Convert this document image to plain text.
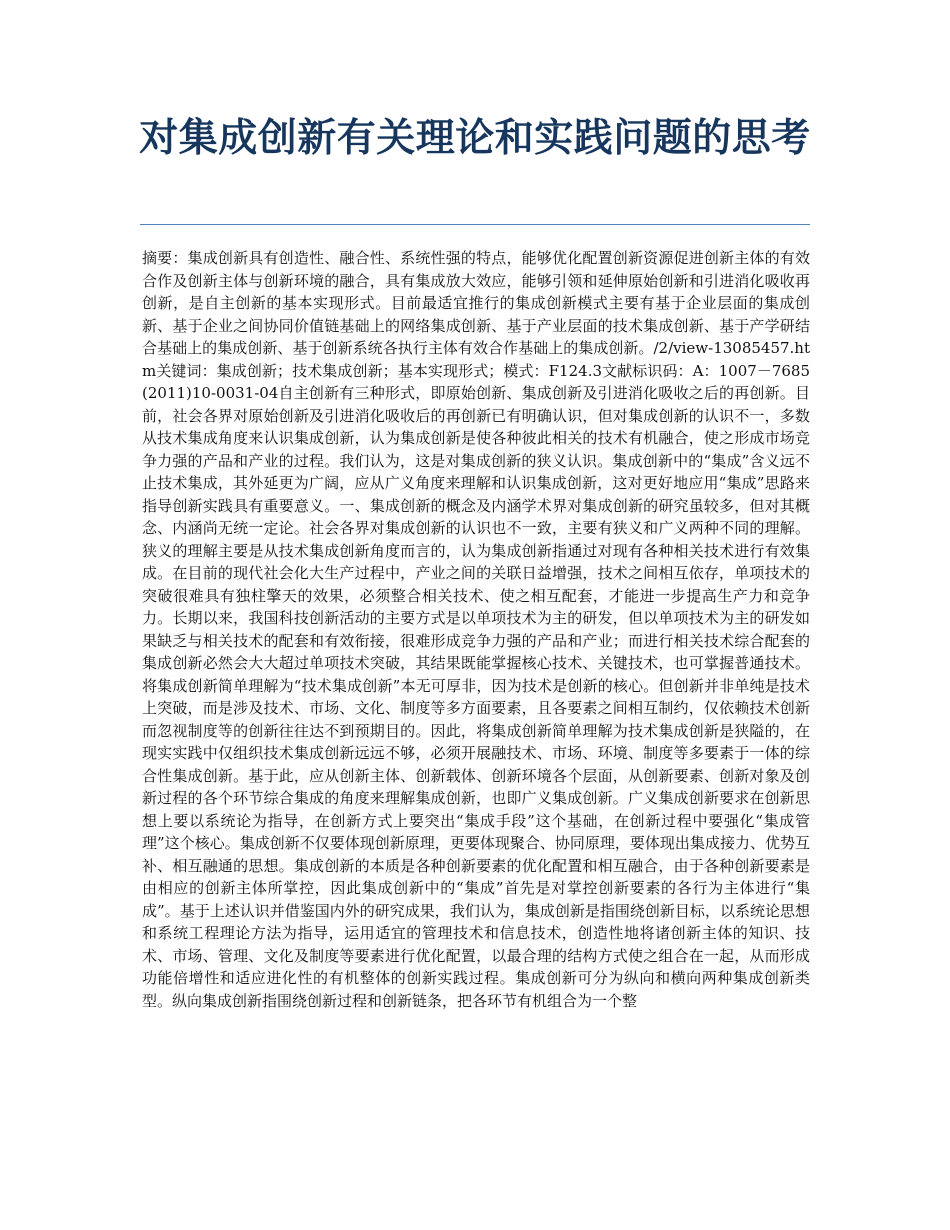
对集成创新有关理论和实践问题的思考

摘要：集成创新具有创造性、融合性、系统性强的特点，能够优化配置创新资源促进创新主体的有效合作及创新主体与创新环境的融合，具有集成放大效应，能够引领和延伸原始创新和引进消化吸收再创新，是自主创新的基本实现形式。目前最适宜推行的集成创新模式主要有基于企业层面的集成创新、基于企业之间协同价值链基础上的网络集成创新、基于产业层面的技术集成创新、基于产学研结合基础上的集成创新、基于创新系统各执行主体有效合作基础上的集成创新。/2/view-13085457.htm关键词：集成创新；技术集成创新；基本实现形式；模式：F124.3文献标识码：A：1007－7685(2011)10-0031-04自主创新有三种形式，即原始创新、集成创新及引进消化吸收之后的再创新。目前，社会各界对原始创新及引进消化吸收后的再创新已有明确认识，但对集成创新的认识不一，多数从技术集成角度来认识集成创新，认为集成创新是使各种彼此相关的技术有机融合，使之形成市场竞争力强的产品和产业的过程。我们认为，这是对集成创新的狭义认识。集成创新中的“集成”含义远不止技术集成，其外延更为广阔，应从广义角度来理解和认识集成创新，这对更好地应用“集成”思路来指导创新实践具有重要意义。一、集成创新的概念及内涵学术界对集成创新的研究虽较多，但对其概念、内涵尚无统一定论。社会各界对集成创新的认识也不一致，主要有狭义和广义两种不同的理解。狭义的理解主要是从技术集成创新角度而言的，认为集成创新指通过对现有各种相关技术进行有效集成。在目前的现代社会化大生产过程中，产业之间的关联日益增强，技术之间相互依存，单项技术的突破很难具有独柱擎天的效果，必须整合相关技术、使之相互配套，才能进一步提高生产力和竞争力。长期以来，我国科技创新活动的主要方式是以单项技术为主的研发，但以单项技术为主的研发如果缺乏与相关技术的配套和有效衔接，很难形成竞争力强的产品和产业；而进行相关技术综合配套的集成创新必然会大大超过单项技术突破，其结果既能掌握核心技术、关键技术，也可掌握普通技术。将集成创新简单理解为“技术集成创新”本无可厚非，因为技术是创新的核心。但创新并非单纯是技术上突破，而是涉及技术、市场、文化、制度等多方面要素，且各要素之间相互制约，仅依赖技术创新而忽视制度等的创新往往达不到预期目的。因此，将集成创新简单理解为技术集成创新是狭隘的，在现实实践中仅组织技术集成创新远远不够，必须开展融技术、市场、环境、制度等多要素于一体的综合性集成创新。基于此，应从创新主体、创新载体、创新环境各个层面，从创新要素、创新对象及创新过程的各个环节综合集成的角度来理解集成创新，也即广义集成创新。广义集成创新要求在创新思想上要以系统论为指导，在创新方式上要突出“集成手段”这个基础，在创新过程中要强化“集成管理”这个核心。集成创新不仅要体现创新原理，更要体现聚合、协同原理，要体现出集成接力、优势互补、相互融通的思想。集成创新的本质是各种创新要素的优化配置和相互融合，由于各种创新要素是由相应的创新主体所掌控，因此集成创新中的“集成”首先是对掌控创新要素的各行为主体进行“集成”。基于上述认识并借鉴国内外的研究成果，我们认为，集成创新是指围绕创新目标，以系统论思想和系统工程理论方法为指导，运用适宜的管理技术和信息技术，创造性地将诸创新主体的知识、技术、市场、管理、文化及制度等要素进行优化配置，以最合理的结构方式使之组合在一起，从而形成功能倍增性和适应进化性的有机整体的创新实践过程。集成创新可分为纵向和横向两种集成创新类型。纵向集成创新指围绕创新过程和创新链条，把各环节有机组合为一个整
